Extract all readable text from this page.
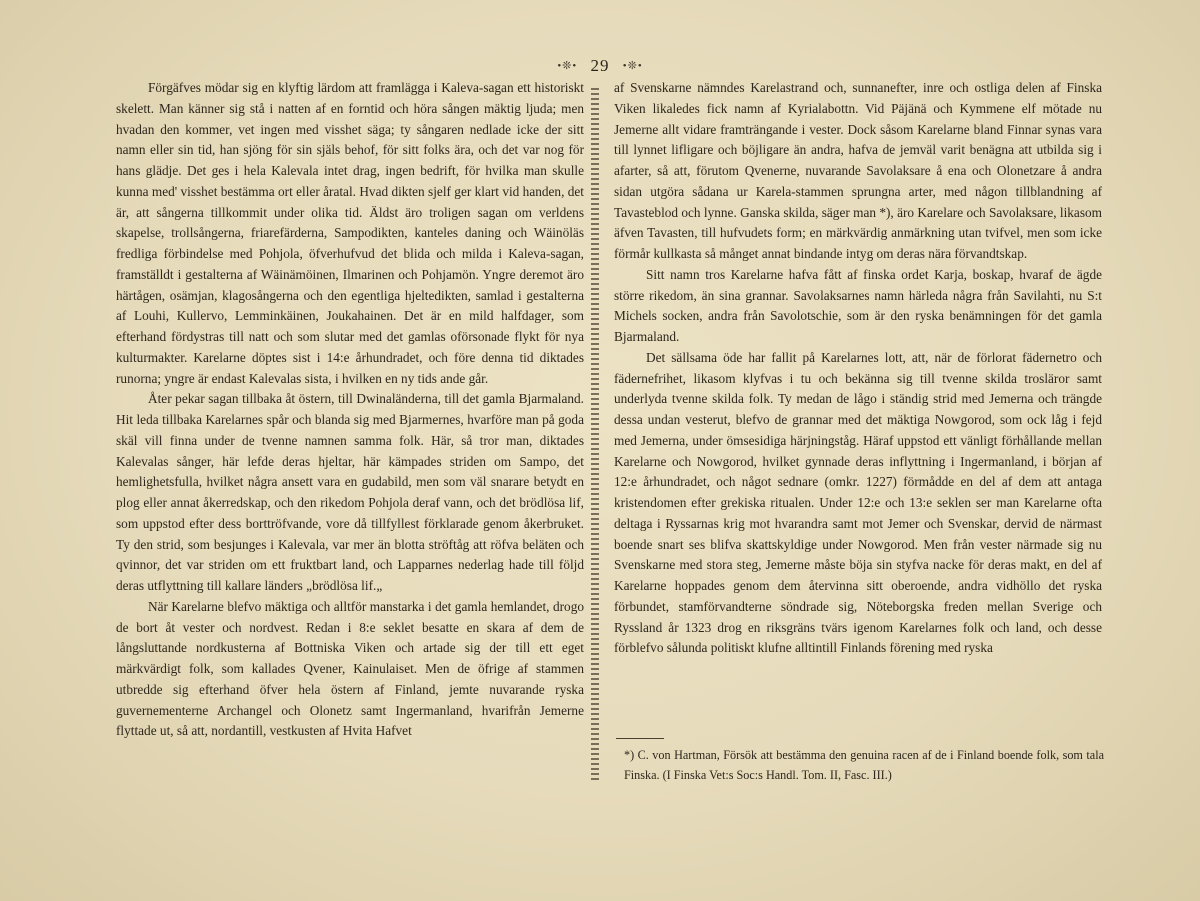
•❊• 29 •❊•

Förgäfves mödar sig en klyftig lärdom att framlägga i Kaleva-sagan ett historiskt skelett. Man känner sig stå i natten af en forntid och höra sången mäktig ljuda; men hvadan den kommer, vet ingen med visshet säga; ty sångaren nedlade icke der sitt namn eller sin tid, han sjöng för sin själs behof, för sitt folks ära, och det var nog för hans glädje. Det ges i hela Kalevala intet drag, ingen bedrift, för hvilka man skulle kunna med' visshet bestämma ort eller åratal. Hvad dikten sjelf ger klart vid handen, det är, att sångerna tillkommit under olika tid. Äldst äro troligen sagan om verldens skapelse, trollsångerna, friarefärderna, Sampodikten, kanteles daning och Wäinöläs fredliga förbindelse med Pohjola, öfverhufvud det blida och milda i Kaleva-sagan, framställdt i gestalterna af Wäinämöinen, Ilmarinen och Pohjamön. Yngre deremot äro härtågen, osämjan, klagosångerna och den egentliga hjeltedikten, samlad i gestalterna af Louhi, Kullervo, Lemminkäinen, Joukahainen. Det är en mild halfdager, som efterhand fördystras till natt och som slutar med det gamlas oförsonade flykt för nya kulturmakter. Karelarne döptes sist i 14:e århundradet, och före denna tid diktades runorna; yngre är endast Kalevalas sista, i hvilken en ny tids ande går.

Åter pekar sagan tillbaka åt östern, till Dwinaländerna, till det gamla Bjarmaland. Hit leda tillbaka Karelarnes spår och blanda sig med Bjarmernes, hvarföre man på goda skäl vill finna under de tvenne namnen samma folk. Här, så tror man, diktades Kalevalas sånger, här lefde deras hjeltar, här kämpades striden om Sampo, det hemlighetsfulla, hvilket några ansett vara en gudabild, men som väl snarare betydt en plog eller annat åkerredskap, och den rikedom Pohjola deraf vann, och det brödlösa lif, som uppstod efter dess borttröfvande, vore då tillfyllest förklarade genom åkerbruket. Ty den strid, som besjunges i Kalevala, var mer än blotta ströftåg att röfva beläten och qvinnor, det var striden om ett fruktbart land, och Lapparnes nederlag hade till följd deras utflyttning till kallare länders „brödlösa lif.„

När Karelarne blefvo mäktiga och alltför manstarka i det gamla hemlandet, drogo de bort åt vester och nordvest. Redan i 8:e seklet besatte en skara af dem de långsluttande nordkusterna af Bottniska Viken och artade sig der till ett eget märkvärdigt folk, som kallades Qvener, Kainulaiset. Men de öfrige af stammen utbredde sig efterhand öfver hela östern af Finland, jemte nuvarande ryska guvernementerne Archangel och Olonetz samt Ingermanland, hvarifrån Jemerne flyttade ut, så att, nordantill, vestkusten af Hvita Hafvet

af Svenskarne nämndes Karelastrand och, sunnanefter, inre och ostliga delen af Finska Viken likaledes fick namn af Kyrialabottn. Vid Päjänä och Kymmene elf mötade nu Jemerne allt vidare framträngande i vester. Dock såsom Karelarne bland Finnar synas vara till lynnet lifligare och böjligare än andra, hafva de jemväl varit benägna att utbilda sig i afarter, så att, förutom Qvenerne, nuvarande Savolaksare å ena och Olonetzare å andra sidan utgöra sådana ur Karela-stammen sprungna arter, med någon tillblandning af Tavasteblod och lynne. Ganska skilda, säger man *), äro Karelare och Savolaksare, likasom äfven Tavasten, till hufvudets form; en märkvärdig anmärkning utan tvifvel, men som icke förmår kullkasta så månget annat bindande intyg om deras nära förvandtskap.

Sitt namn tros Karelarne hafva fått af finska ordet Karja, boskap, hvaraf de ägde större rikedom, än sina grannar. Savolaksarnes namn härleda några från Savilahti, nu S:t Michels socken, andra från Savolotschie, som är den ryska benämningen för det gamla Bjarmaland.

Det sällsama öde har fallit på Karelarnes lott, att, när de förlorat fädernetro och fädernefrihet, likasom klyfvas i tu och bekänna sig till tvenne skilda trosläror samt underlyda tvenne skilda folk. Ty medan de lågo i ständig strid med Jemerna och trängde dessa undan vesterut, blefvo de grannar med det mäktiga Nowgorod, som ock låg i fejd med Jemerna, under ömsesidiga härjningståg. Häraf uppstod ett vänligt förhållande mellan Karelarne och Nowgorod, hvilket gynnade deras inflyttning i Ingermanland, i början af 12:e århundradet, och något sednare (omkr. 1227) förmådde en del af dem att antaga kristendomen efter grekiska ritualen. Under 12:e och 13:e seklen ser man Karelarne ofta deltaga i Ryssarnas krig mot hvarandra samt mot Jemer och Svenskar, dervid de närmast boende snart ses blifva skattskyldige under Nowgorod. Men från vester närmade sig nu Svenskarne med stora steg, Jemerne måste böja sin styfva nacke för deras makt, en del af Karelarne hoppades genom dem återvinna sitt oberoende, andra vidhöllo det ryska förbundet, stamförvandterne söndrade sig, Nöteborgska freden mellan Sverige och Ryssland år 1323 drog en riksgräns tvärs igenom Karelarnes folk och land, och desse förblefvo sålunda politiskt klufne alltintill Finlands förening med ryska

*) C. von Hartman, Försök att bestämma den genuina racen af de i Finland boende folk, som tala Finska. (I Finska Vet:s Soc:s Handl. Tom. II, Fasc. III.)
